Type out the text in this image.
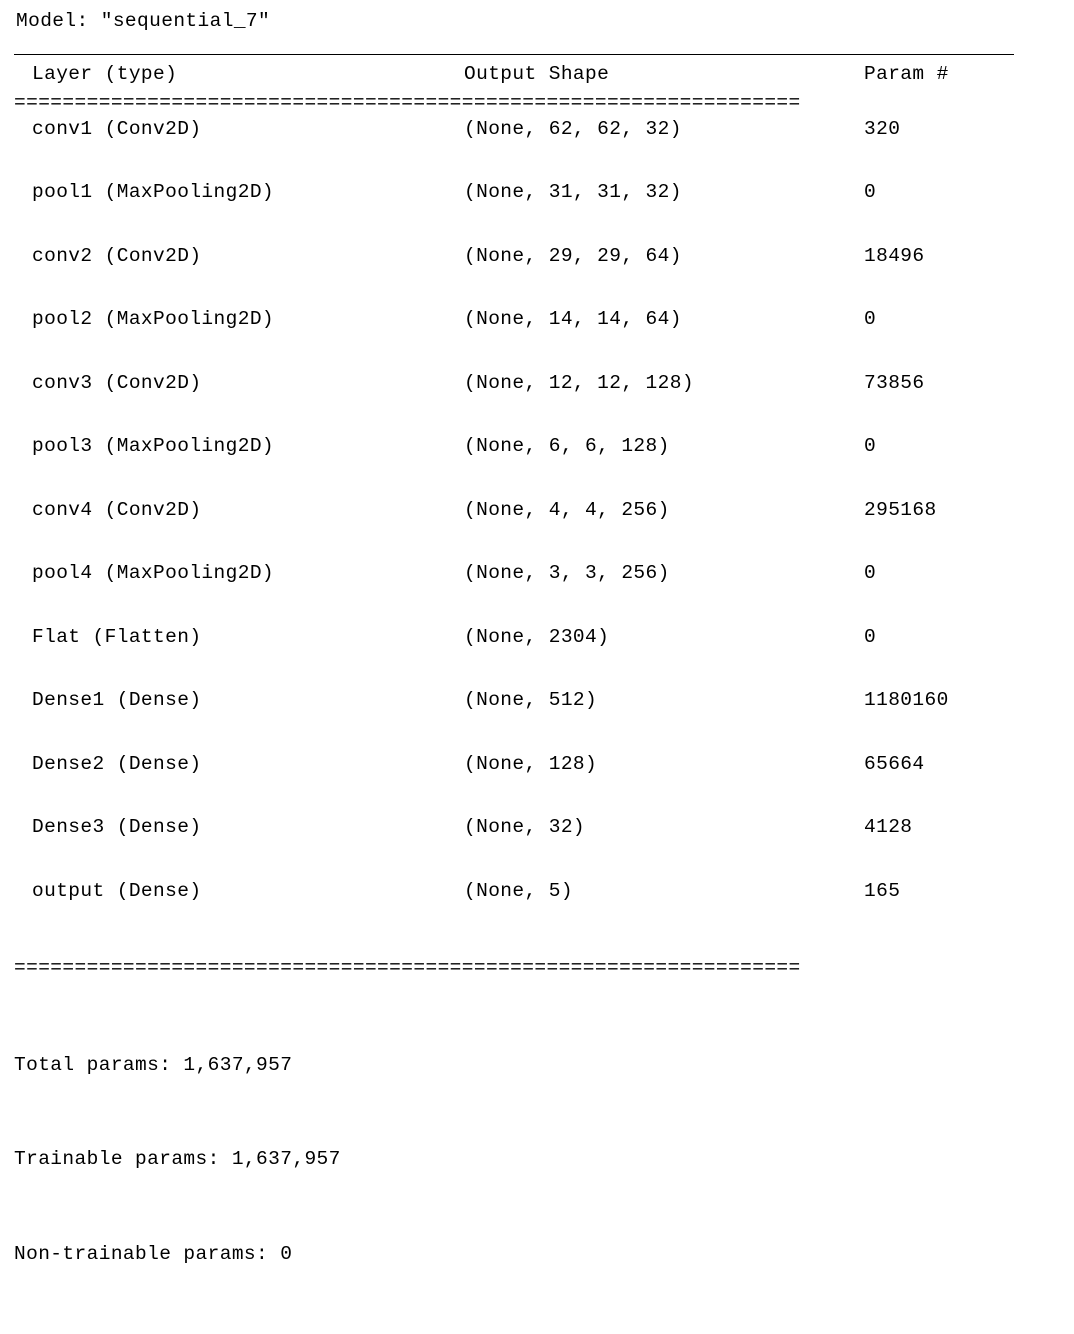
Model: "sequential_7"
Layer (type)	Output Shape	Param #
=================================================================
conv1 (Conv2D)	(None, 62, 62, 32)	320
pool1 (MaxPooling2D)	(None, 31, 31, 32)	0
conv2 (Conv2D)	(None, 29, 29, 64)	18496
pool2 (MaxPooling2D)	(None, 14, 14, 64)	0
conv3 (Conv2D)	(None, 12, 12, 128)	73856
pool3 (MaxPooling2D)	(None, 6, 6, 128)	0
conv4 (Conv2D)	(None, 4, 4, 256)	295168
pool4 (MaxPooling2D)	(None, 3, 3, 256)	0
Flat (Flatten)	(None, 2304)	0
Dense1 (Dense)	(None, 512)	1180160
Dense2 (Dense)	(None, 128)	65664
Dense3 (Dense)	(None, 32)	4128
output (Dense)	(None, 5)	165
=================================================================

Total params: 1,637,957

Trainable params: 1,637,957

Non-trainable params: 0
